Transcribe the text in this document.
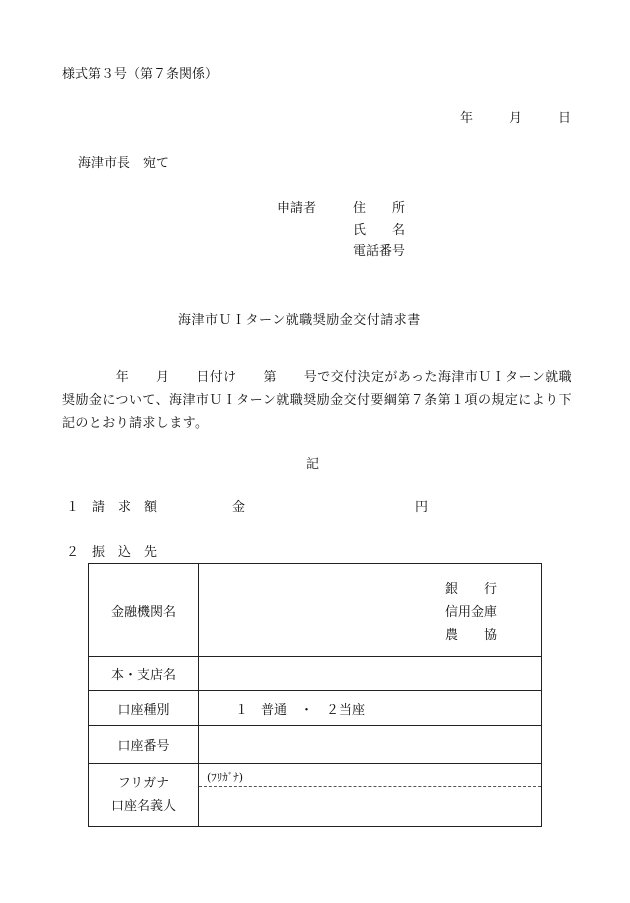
様式第３号（第７条関係）
年	月	日
海津市長　宛て
申請者	住　　所
氏　　名
電話番号
海津市ＵＩターン就職奨励金交付請求書
　　　　年　　月　　日付け　　第　　号で交付決定があった海津市ＵＩターン就職奨励金について、海津市ＵＩターン就職奨励金交付要綱第７条第１項の規定により下記のとおり請求します。
記
１　請　求　額	金	円
２　振　込　先
金融機関名	銀　　行
信用金庫
農　　協

本・支店名	
口座種別	１　普通　・　２当座
口座番号	

フリガナ
口座名義人	(ﾌﾘｶﾞﾅ)
